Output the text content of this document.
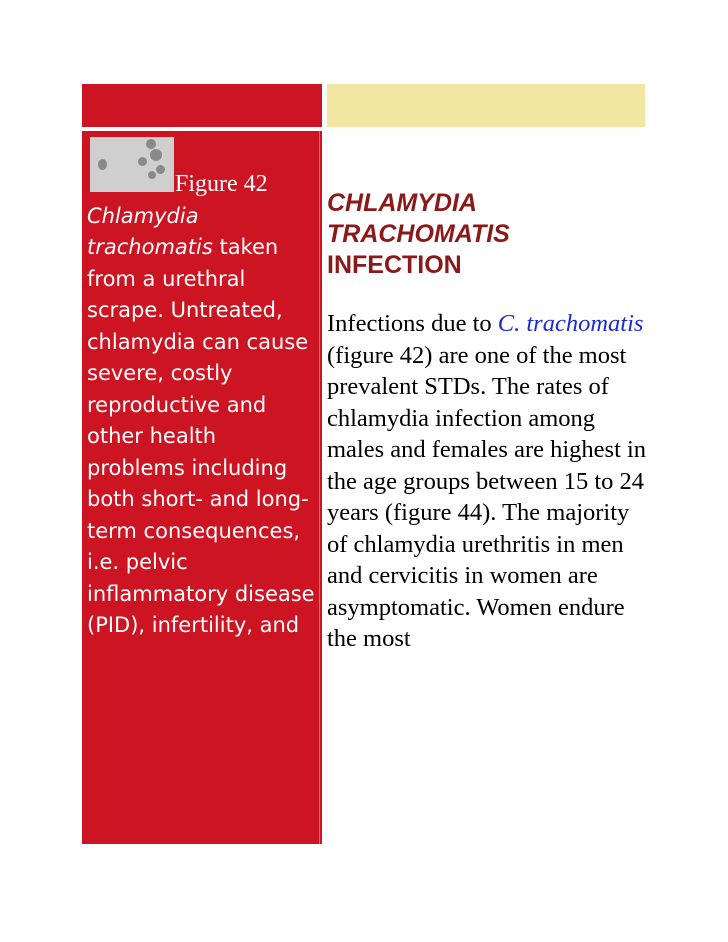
Figure 42
Chlamydia trachomatis taken from a urethral scrape. Untreated, chlamydia can cause severe, costly reproductive and other health problems including both short- and long-term consequences, i.e. pelvic inflammatory disease (PID), infertility, and

CHLAMYDIA
TRACHOMATIS
INFECTION

Infections due to C. trachomatis (figure 42) are one of the most prevalent STDs. The rates of chlamydia infection among males and females are highest in the age groups between 15 to 24 years (figure 44). The majority of chlamydia urethritis in men and cervicitis in women are asymptomatic. Women endure the most
